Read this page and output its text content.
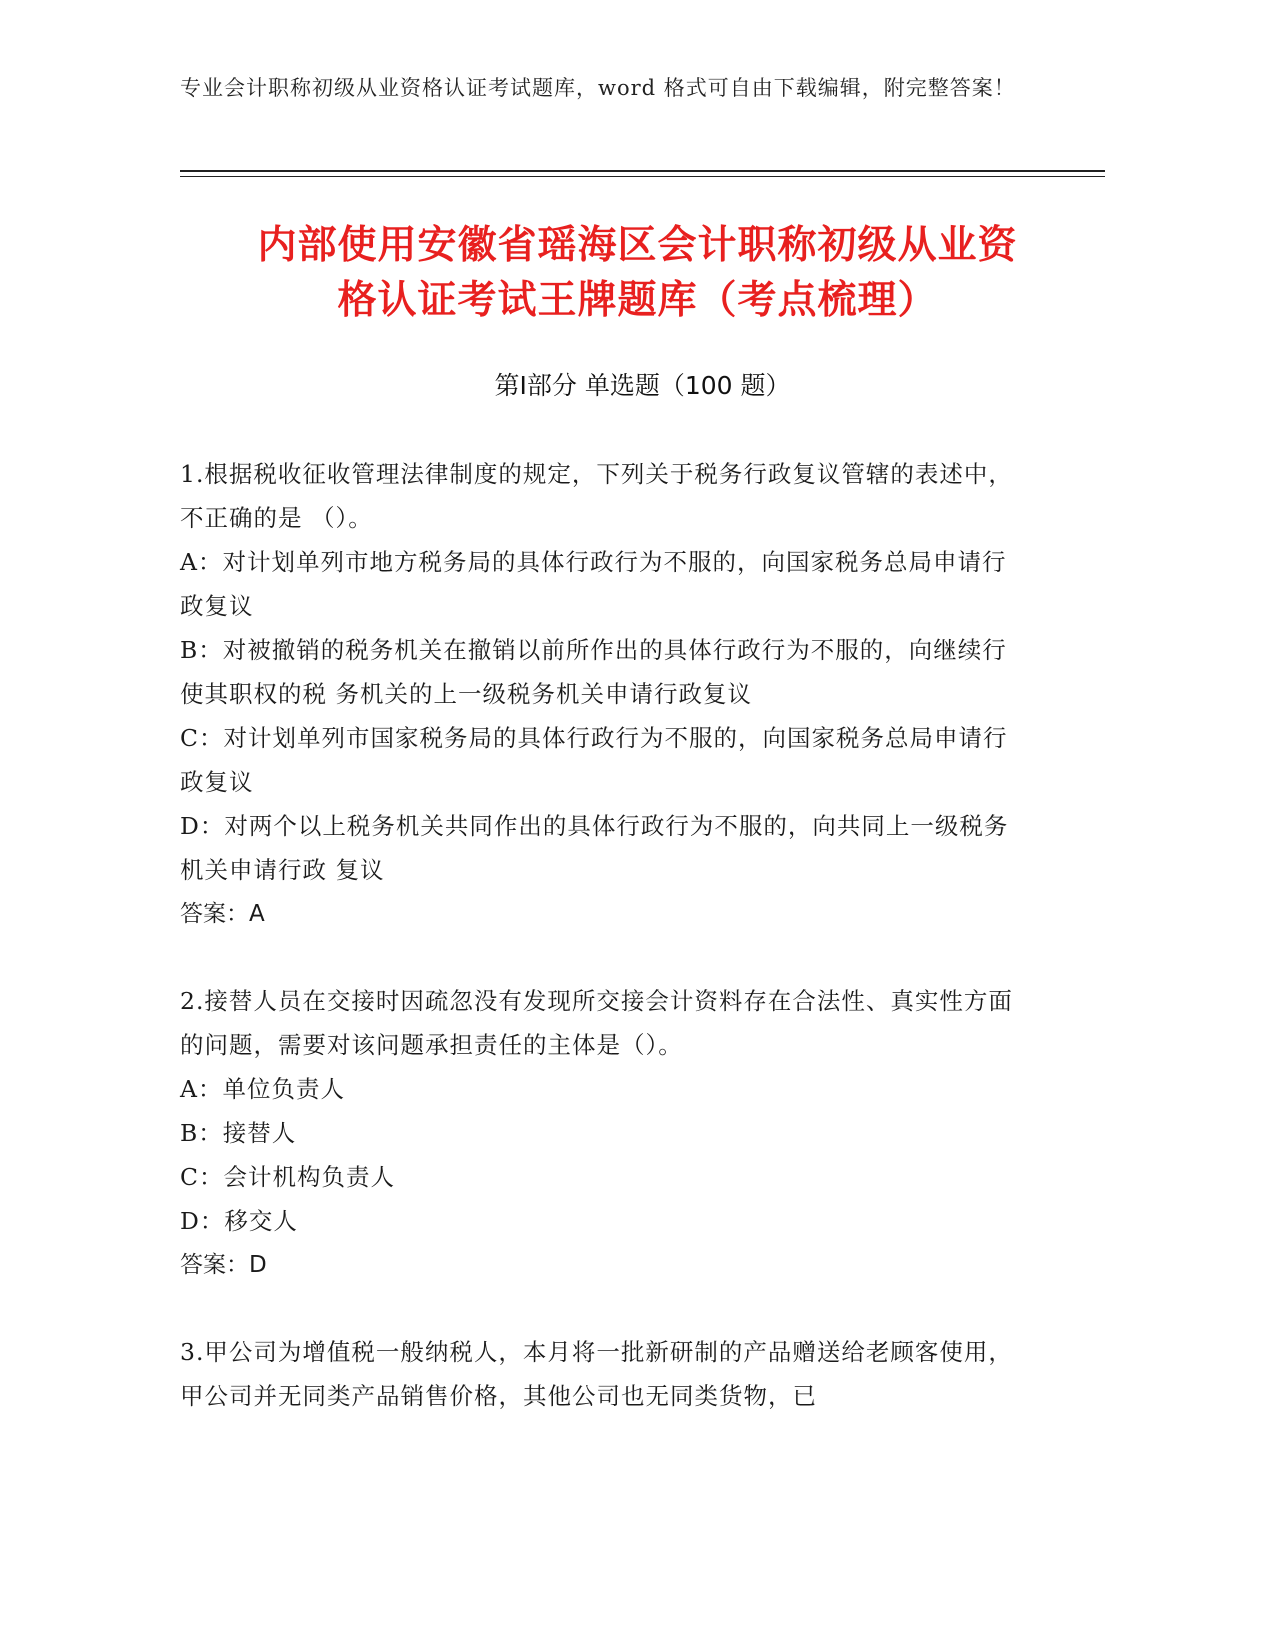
专业会计职称初级从业资格认证考试题库，word 格式可自由下载编辑，附完整答案！
内部使用安徽省瑶海区会计职称初级从业资
格认证考试王牌题库（考点梳理）
第Ⅰ部分 单选题（100 题）
1.根据税收征收管理法律制度的规定，下列关于税务行政复议管辖的表述中，不正确的是 （）。
A：对计划单列市地方税务局的具体行政行为不服的，向国家税务总局申请行政复议
B：对被撤销的税务机关在撤销以前所作出的具体行政行为不服的，向继续行使其职权的税 务机关的上一级税务机关申请行政复议
C：对计划单列市国家税务局的具体行政行为不服的，向国家税务总局申请行政复议
D：对两个以上税务机关共同作出的具体行政行为不服的，向共同上一级税务机关申请行政 复议
答案：A
2.接替人员在交接时因疏忽没有发现所交接会计资料存在合法性、真实性方面的问题，需要对该问题承担责任的主体是（）。
A：单位负责人
B：接替人
C：会计机构负责人
D：移交人
答案：D
3.甲公司为增值税一般纳税人，本月将一批新研制的产品赠送给老顾客使用，甲公司并无同类产品销售价格，其他公司也无同类货物，已
